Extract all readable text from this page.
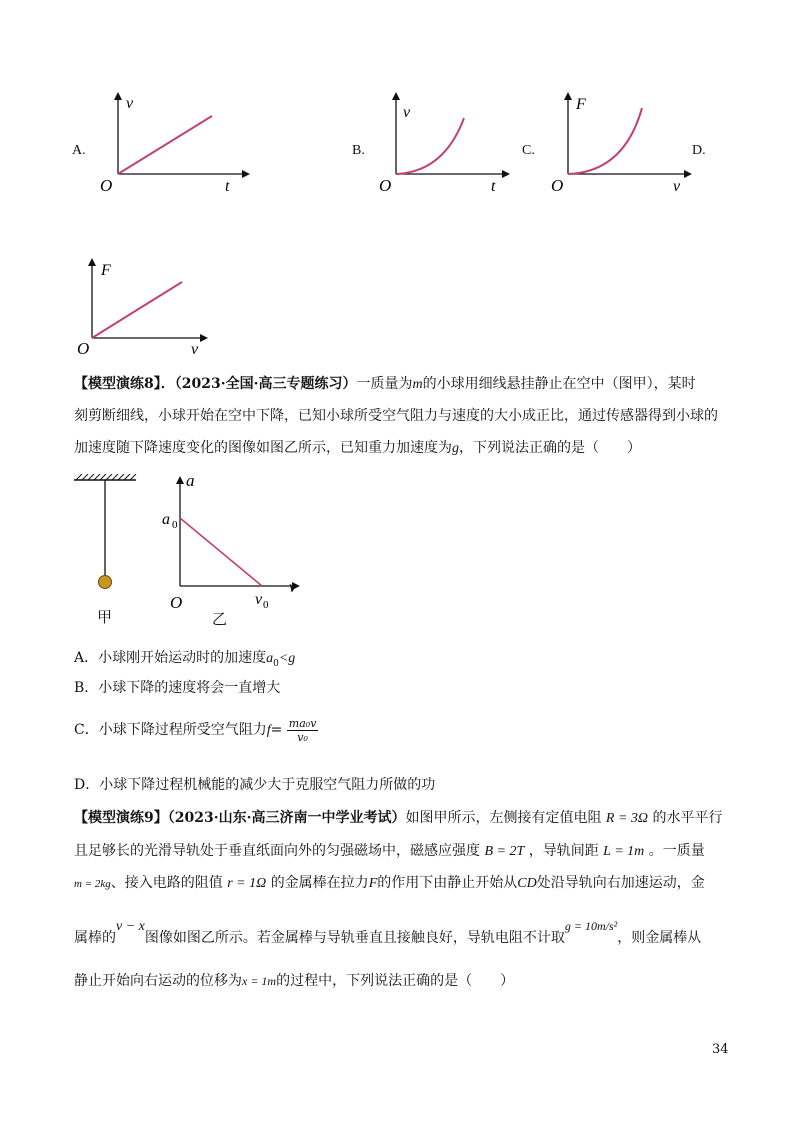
A.	B.	C.	D.
O
v
t	O
v
t	O
F
v
O
F
v
【模型演练8】．（2023·全国·高三专题练习）一质量为m的小球用细线悬挂静止在空中（图甲），某时
刻剪断细线，小球开始在空中下降，已知小球所受空气阻力与速度的大小成正比，通过传感器得到小球的
加速度随下降速度变化的图像如图乙所示，已知重力加速度为g，下列说法正确的是（　　）
甲
a
v
O
a 0
v 0
乙
A．小球刚开始运动时的加速度$a_0<g$
B．小球下降的速度将会一直增大
C．小球下降过程所受空气阻力$f= \frac{\text{ma₀v}}{\text{v₀}}$
D．小球下降过程机械能的减少大于克服空气阻力所做的功
【模型演练9】（2023·山东·高三济南一中学业考试）如图甲所示，左侧接有定值电阻 R = 3Ω 的水平平行
且足够长的光滑导轨处于垂直纸面向外的匀强磁场中，磁感应强度 B = 2T ，导轨间距 L = 1m 。一质量
m = 2kg、接入电路的阻值 r = 1Ω 的金属棒在拉力F的作用下由静止开始从CD处沿导轨向右加速运动，金
属棒的v − x图像如图乙所示。若金属棒与导轨垂直且接触良好，导轨电阻不计取g = 10m/s²，则金属棒从
静止开始向右运动的位移为x = 1m的过程中，下列说法正确的是（　　）
34
